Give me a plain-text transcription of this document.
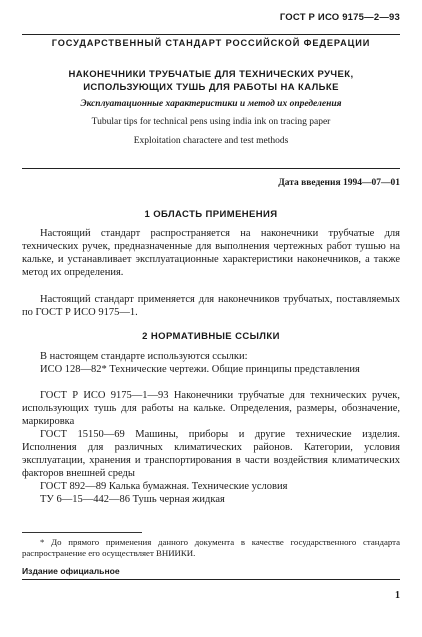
ГОСТ Р ИСО 9175—2—93
ГОСУДАРСТВЕННЫЙ СТАНДАРТ РОССИЙСКОЙ ФЕДЕРАЦИИ
НАКОНЕЧНИКИ ТРУБЧАТЫЕ ДЛЯ ТЕХНИЧЕСКИХ РУЧЕК,
ИСПОЛЬЗУЮЩИХ ТУШЬ ДЛЯ РАБОТЫ НА КАЛЬКЕ
Эксплуатационные характеристики и метод их определения
Tubular tips for technical pens using india ink on tracing paper
Exploitation characterе and test methods
Дата введения 1994—07—01
1 ОБЛАСТЬ ПРИМЕНЕНИЯ

Настоящий стандарт распространяется на наконечники трубчатые для технических ручек, предназначенные для выполнения чертежных работ тушью на кальке, и устанавливает эксплуатационные характеристики наконечников, а также метод их определения.

Настоящий стандарт применяется для наконечников трубчатых, поставляемых по ГОСТ Р ИСО 9175—1.

2 НОРМАТИВНЫЕ ССЫЛКИ

В настоящем стандарте используются ссылки:

ИСО 128—82* Технические чертежи. Общие принципы представления

ГОСТ Р ИСО 9175—1—93 Наконечники трубчатые для технических ручек, использующих тушь для работы на кальке. Определения, размеры, обозначение, маркировка

ГОСТ 15150—69 Машины, приборы и другие технические изделия. Исполнения для различных климатических районов. Категории, условия эксплуатации, хранения и транспортирования в части воздействия климатических факторов внешней среды

ГОСТ 892—89 Калька бумажная. Технические условия

ТУ 6—15—442—86 Тушь черная жидкая

* До прямого применения данного документа в качестве государственного стандарта распространение его осуществляет ВНИИКИ.
Издание официальное
1
